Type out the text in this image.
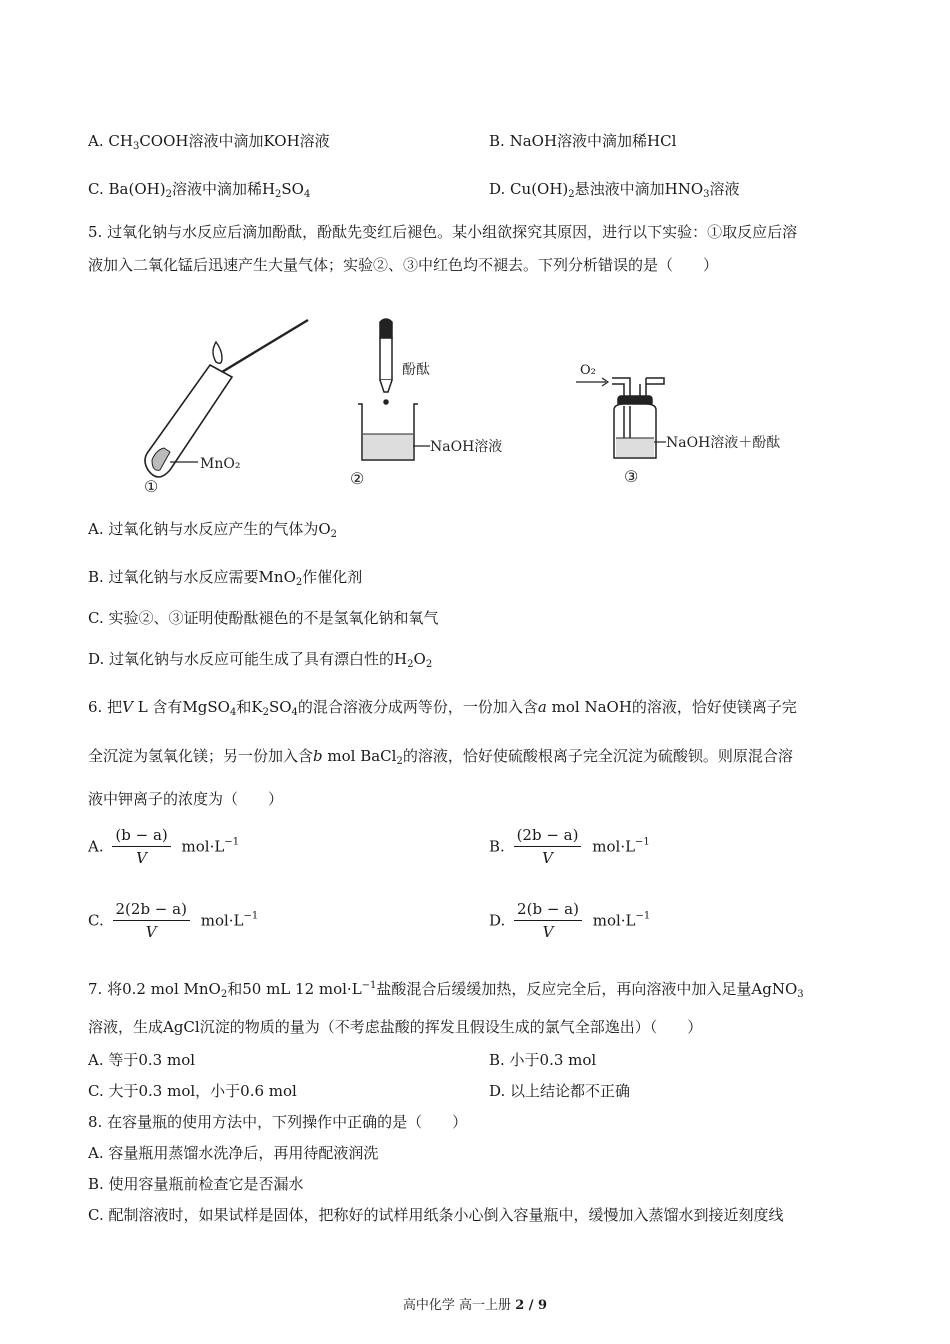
A. $CH_3COOH$溶液中滴加KOH溶液	B. NaOH溶液中滴加稀HCl
C. $Ba(OH)_2$溶液中滴加稀$H_2SO_4$	D. $Cu(OH)_2$悬浊液中滴加$HNO_3$溶液
5. 过氧化钠与水反应后滴加酚酞，酚酞先变红后褪色。某小组欲探究其原因，进行以下实验：①取反应后溶
液加入二氧化锰后迅速产生大量气体；实验②、③中红色均不褪去。下列分析错误的是（　　）
MnO₂
①
酚酞
NaOH溶液
②
O₂
NaOH溶液＋酚酞
③
A. 过氧化钠与水反应产生的气体为$O_2$
B. 过氧化钠与水反应需要MnO$_2$作催化剂
C. 实验②、③证明使酚酞褪色的不是氢氧化钠和氧气
D. 过氧化钠与水反应可能生成了具有漂白性的$H_2O_2$
6. 把V L 含有MgSO$_4$和$K_2SO_4$的混合溶液分成两等份，一份加入含a mol NaOH的溶液，恰好使镁离子完
全沉淀为氢氧化镁；另一份加入含b mol BaCl$_2$的溶液，恰好使硫酸根离子完全沉淀为硫酸钡。则原混合溶
液中钾离子的浓度为（　　）
A. $\frac{(b - a)}{V} mol\cdot L^{-1}$	B. $\frac{(2b - a)}{V} mol\cdot L^{-1}$
C. $\frac{2(2b - a)}{V} mol\cdot L^{-1}$	D. $\frac{2(b - a)}{V} mol\cdot L^{-1}$
7. 将0.2 mol MnO$_2$和50 mL 12 $mol\cdot L^{-1}$盐酸混合后缓缓加热，反应完全后，再向溶液中加入足量AgNO$_3$
溶液，生成AgCl沉淀的物质的量为（不考虑盐酸的挥发且假设生成的氯气全部逸出）（　　）
A. 等于0.3 mol	B. 小于0.3 mol
C. 大于0.3 mol，小于0.6 mol	D. 以上结论都不正确
8. 在容量瓶的使用方法中，下列操作中正确的是（　　）
A. 容量瓶用蒸馏水洗净后，再用待配液润洗
B. 使用容量瓶前检查它是否漏水
C. 配制溶液时，如果试样是固体，把称好的试样用纸条小心倒入容量瓶中，缓慢加入蒸馏水到接近刻度线
高中化学 高一上册 2 / 9
